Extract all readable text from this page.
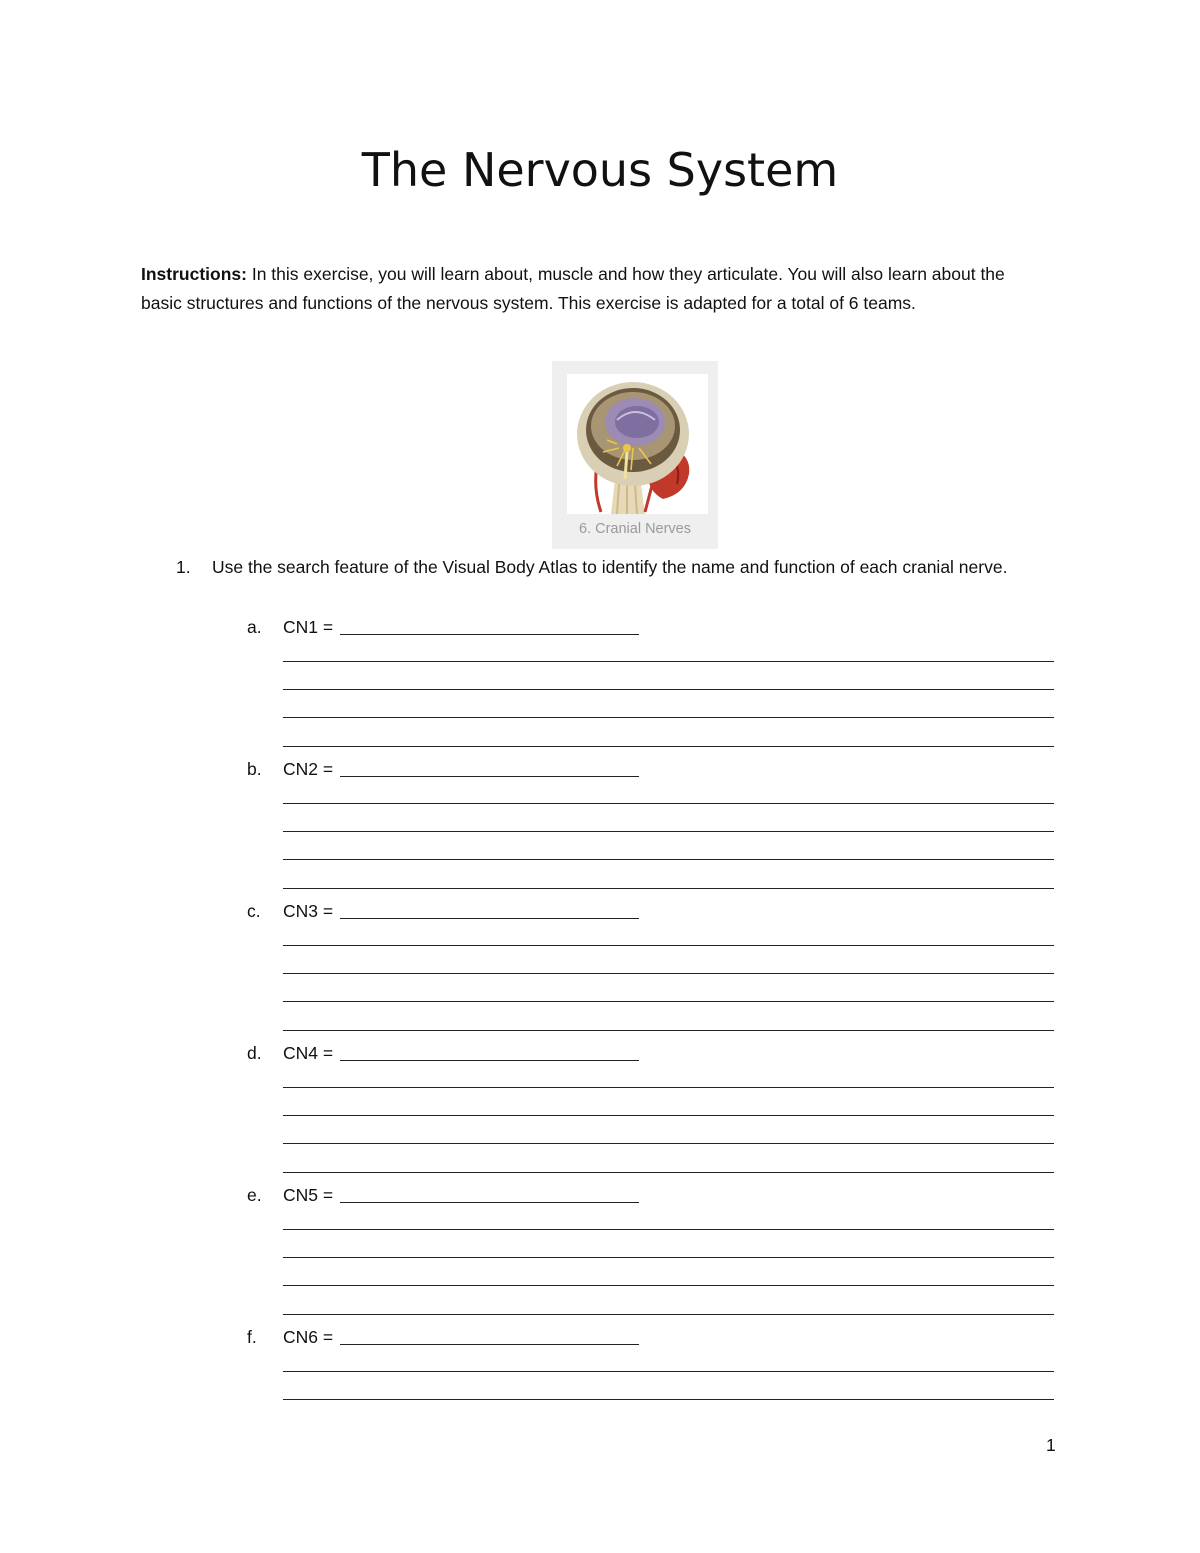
The Nervous System
Instructions: In this exercise, you will learn about, muscle and how they articulate. You will also learn about the basic structures and functions of the nervous system. This exercise is adapted for a total of 6 teams.
6. Cranial Nerves
1. Use the search feature of the Visual Body Atlas to identify the name and function of each cranial nerve.
a. CN1 =
b. CN2 =
c. CN3 =
d. CN4 =
e. CN5 =
f. CN6 =
1
